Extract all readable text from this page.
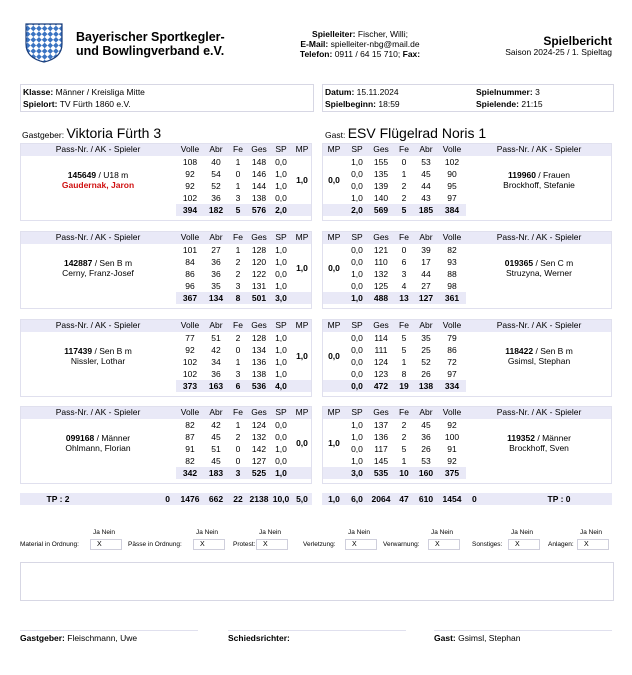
Bayerischer Sportkegler-
und Bowlingverband e.V.
Spielleiter: Fischer, Willi;
E-Mail: spielleiter-nbg@mail.de
Telefon: 0911 / 64 15 710; Fax:
Spielbericht
Saison 2024-25 / 1. Spieltag
Klasse: Männer / Kreisliga Mitte
Spielort: TV Fürth 1860 e.V.
Datum: 15.11.2024
Spielbeginn: 18:59
Spielnummer: 3
Spielende: 21:15
Gastgeber: Viktoria Fürth 3	Gast: ESV Flügelrad Noris 1
Pass-Nr. / AK - Spieler	Volle	Abr	Fe	Ges	SP	MP

145649 / U18 m
Gaudernak, Jaron	108	40	1	148	0,0	1,0
	92	54	0	146	1,0	
	92	52	1	144	1,0	
	102	36	3	138	0,0	
	394	182	5	576	2,0	
MP	SP	Ges	Fe	Abr	Volle	Pass-Nr. / AK - Spieler
0,0	1,0	155	0	53	102	119960 / Frauen
Brockhoff, Stefanie

	0,0	135	1	45	90	
	0,0	139	2	44	95	
	1,0	140	2	43	97	
	2,0	569	5	185	384	
Pass-Nr. / AK - Spieler	Volle	Abr	Fe	Ges	SP	MP

142887 / Sen B m
Cerny, Franz-Josef	101	27	1	128	1,0	1,0
	84	36	2	120	1,0	
	86	36	2	122	0,0	
	96	35	3	131	1,0	
	367	134	8	501	3,0	
MP	SP	Ges	Fe	Abr	Volle	Pass-Nr. / AK - Spieler
0,0	0,0	121	0	39	82	019365 / Sen C m
Struzyna, Werner

	0,0	110	6	17	93	
	1,0	132	3	44	88	
	0,0	125	4	27	98	
	1,0	488	13	127	361	
Pass-Nr. / AK - Spieler	Volle	Abr	Fe	Ges	SP	MP

117439 / Sen B m
Nissler, Lothar	77	51	2	128	1,0	1,0
	92	42	0	134	1,0	
	102	34	1	136	1,0	
	102	36	3	138	1,0	
	373	163	6	536	4,0	
MP	SP	Ges	Fe	Abr	Volle	Pass-Nr. / AK - Spieler
0,0	0,0	114	5	35	79	118422 / Sen B m
Gsimsl, Stephan

	0,0	111	5	25	86	
	0,0	124	1	52	72	
	0,0	123	8	26	97	
	0,0	472	19	138	334	
Pass-Nr. / AK - Spieler	Volle	Abr	Fe	Ges	SP	MP

099168 / Männer
Ohlmann, Florian	82	42	1	124	0,0	0,0
	87	45	2	132	0,0	
	91	51	0	142	1,0	
	82	45	0	127	0,0	
	342	183	3	525	1,0	
MP	SP	Ges	Fe	Abr	Volle	Pass-Nr. / AK - Spieler
1,0	1,0	137	2	45	92	119352 / Männer
Brockhoff, Sven

	1,0	136	2	36	100	
	0,0	117	5	26	91	
	1,0	145	1	53	92	
	3,0	535	10	160	375	
TP : 2	0	1476	662	22	2138	10,0	5,0 1,0	6,0	2064	47	610	1454	0	TP : 0
Ja Nein
Material in Ordnung:	X
Ja Nein
Pässe in Ordnung:	X
Ja Nein
Protest: X
Ja Nein
Verletzung: X
Ja Nein
Verwarnung: X
Ja Nein
Sonstiges: X
Ja Nein
Anlagen: X
Gastgeber: Fleischmann, Uwe	Schiedsrichter:	Gast: Gsimsl, Stephan
